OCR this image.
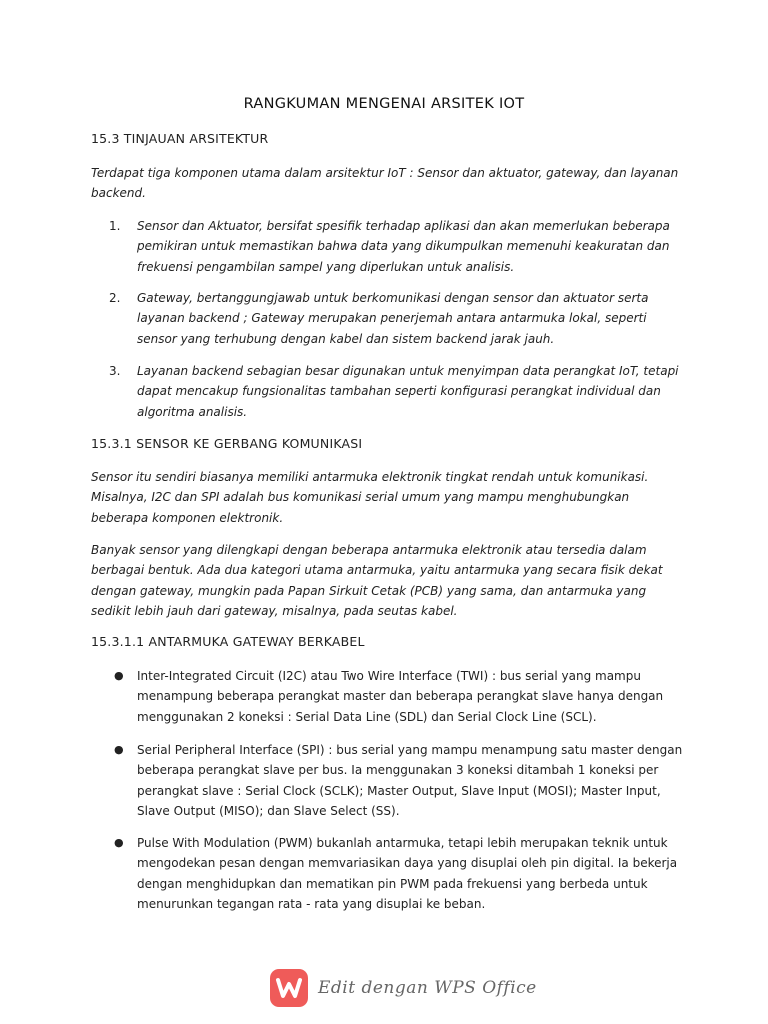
RANGKUMAN MENGENAI ARSITEK IOT
15.3 TINJAUAN ARSITEKTUR
Terdapat tiga komponen utama dalam arsitektur IoT : Sensor dan aktuator, gateway, dan layanan backend.
1. Sensor dan Aktuator, bersifat spesifik terhadap aplikasi dan akan memerlukan beberapa pemikiran untuk memastikan bahwa data yang dikumpulkan memenuhi keakuratan dan frekuensi pengambilan sampel yang diperlukan untuk analisis.
2. Gateway, bertanggungjawab untuk berkomunikasi dengan sensor dan aktuator serta layanan backend ; Gateway merupakan penerjemah antara antarmuka lokal, seperti sensor yang terhubung dengan kabel dan sistem backend jarak jauh.
3. Layanan backend sebagian besar digunakan untuk menyimpan data perangkat IoT, tetapi dapat mencakup fungsionalitas tambahan seperti konfigurasi perangkat individual dan algoritma analisis.
15.3.1 SENSOR KE GERBANG KOMUNIKASI
Sensor itu sendiri biasanya memiliki antarmuka elektronik tingkat rendah untuk komunikasi. Misalnya, I2C dan SPI adalah bus komunikasi serial umum yang mampu menghubungkan beberapa komponen elektronik.
Banyak sensor yang dilengkapi dengan beberapa antarmuka elektronik atau tersedia dalam berbagai bentuk. Ada dua kategori utama antarmuka, yaitu antarmuka yang secara fisik dekat dengan gateway, mungkin pada Papan Sirkuit Cetak (PCB) yang sama, dan antarmuka yang sedikit lebih jauh dari gateway, misalnya, pada seutas kabel.
15.3.1.1 ANTARMUKA GATEWAY BERKABEL
● Inter-Integrated Circuit (I2C) atau Two Wire Interface (TWI) : bus serial yang mampu menampung beberapa perangkat master dan beberapa perangkat slave hanya dengan menggunakan 2 koneksi : Serial Data Line (SDL) dan Serial Clock Line (SCL).
● Serial Peripheral Interface (SPI) : bus serial yang mampu menampung satu master dengan beberapa perangkat slave per bus. Ia menggunakan 3 koneksi ditambah 1 koneksi per perangkat slave : Serial Clock (SCLK); Master Output, Slave Input (MOSI); Master Input, Slave Output (MISO); dan Slave Select (SS).
● Pulse With Modulation (PWM) bukanlah antarmuka, tetapi lebih merupakan teknik untuk mengodekan pesan dengan memvariasikan daya yang disuplai oleh pin digital. Ia bekerja dengan menghidupkan dan mematikan pin PWM pada frekuensi yang berbeda untuk menurunkan tegangan rata - rata yang disuplai ke beban.
Edit dengan WPS Office
